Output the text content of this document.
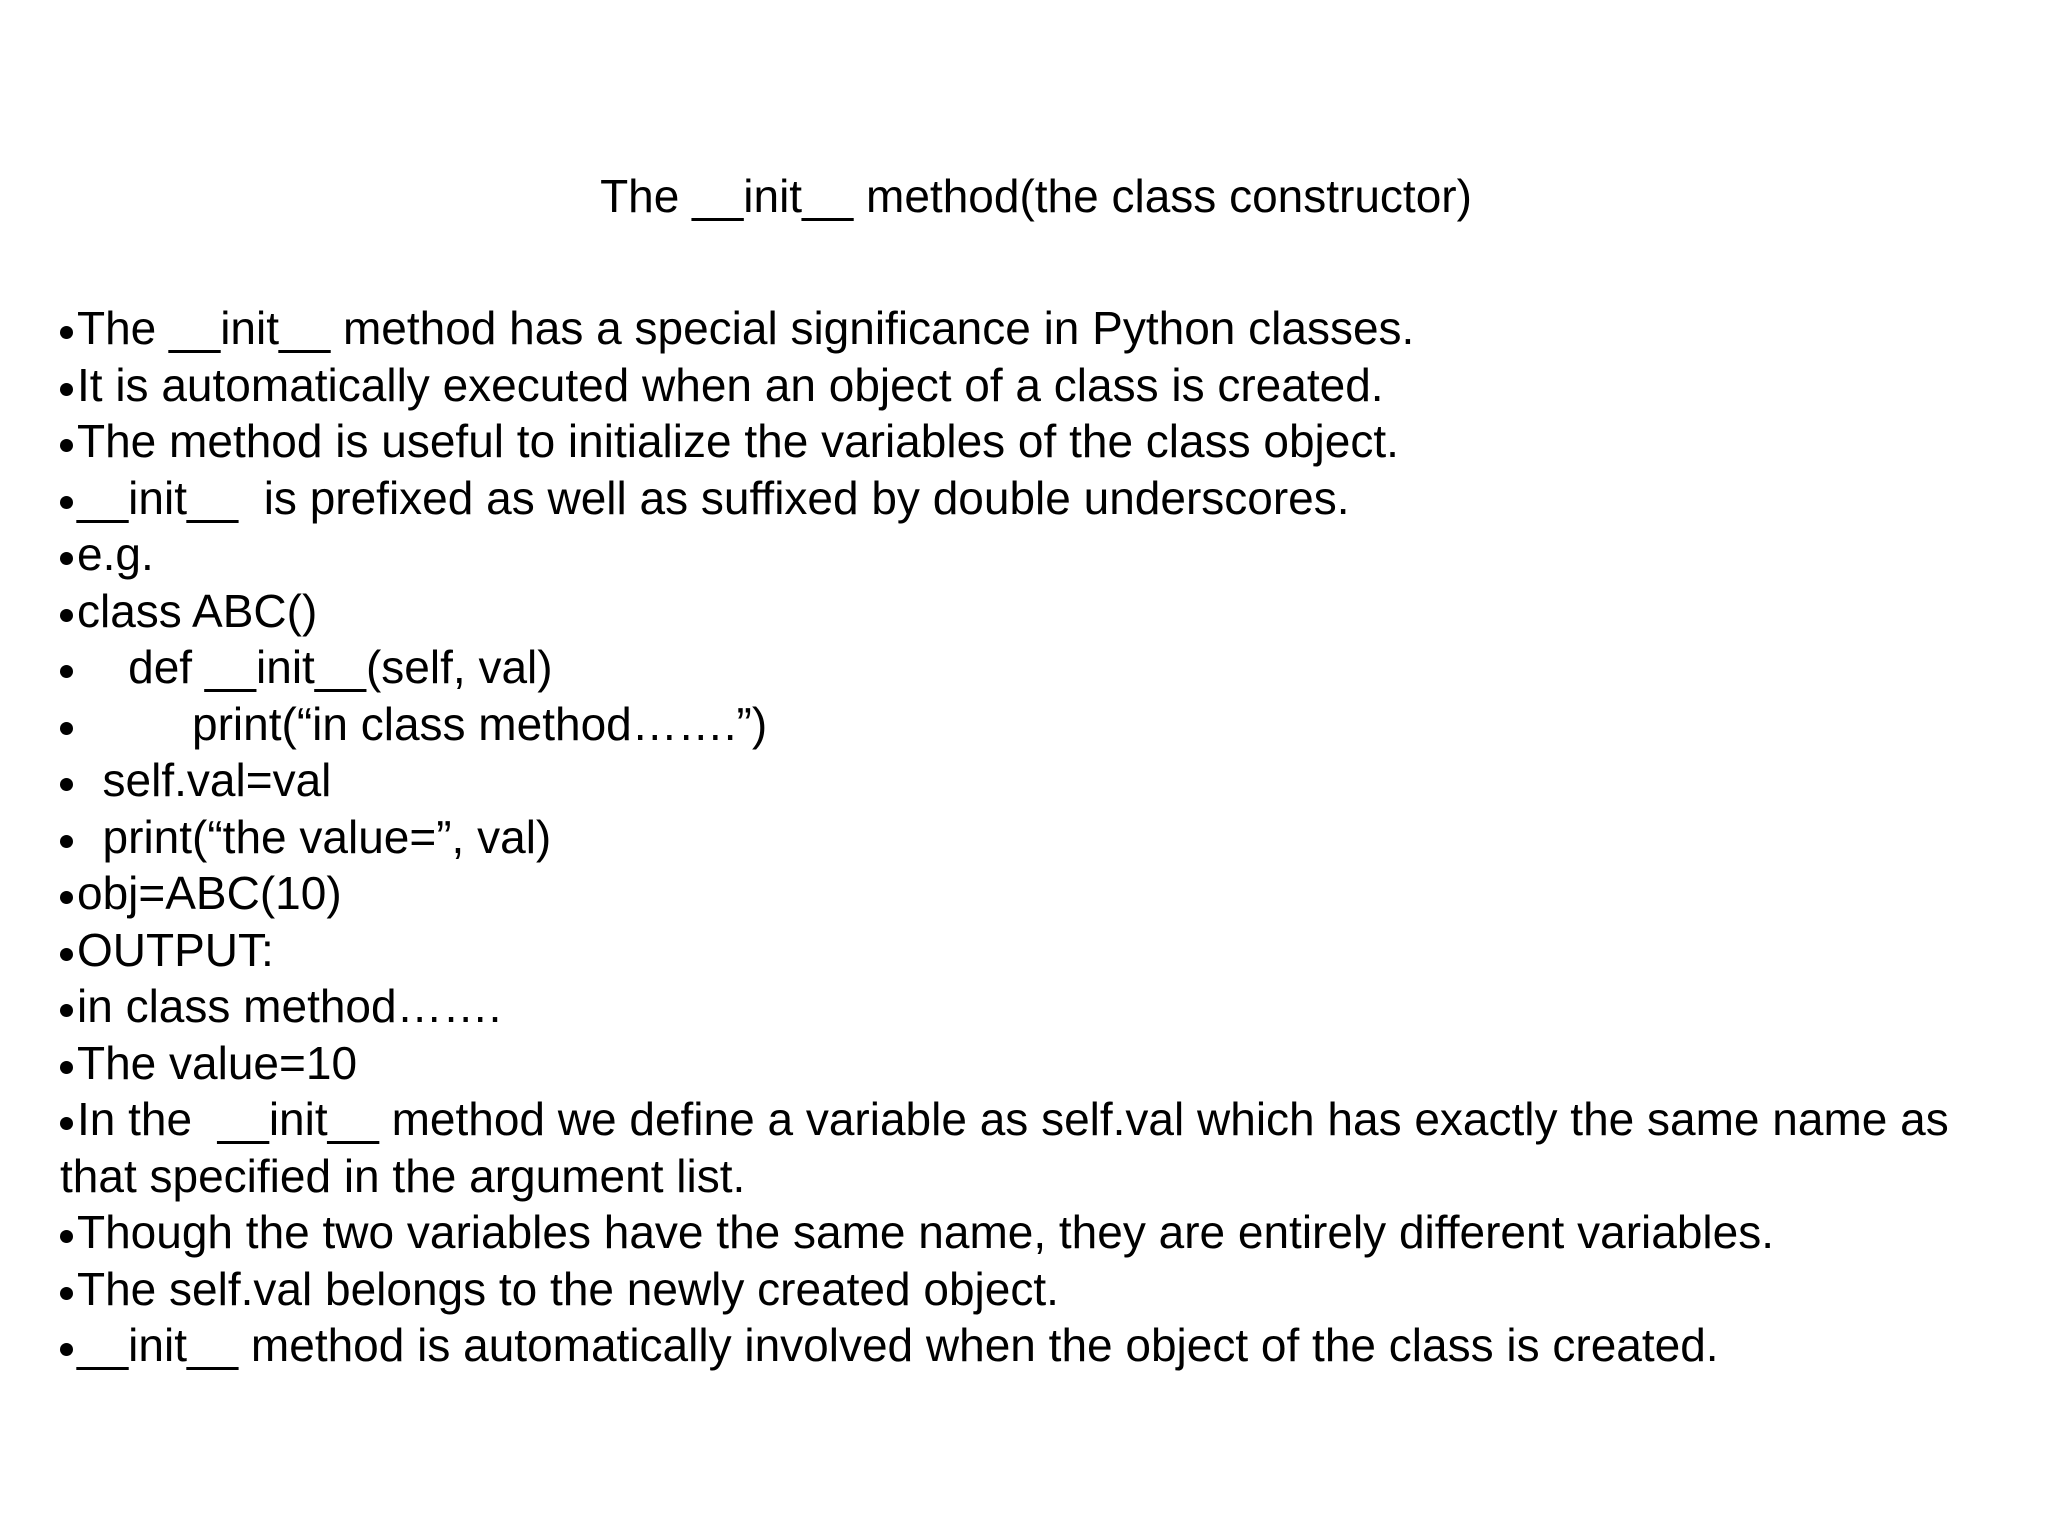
The __init__ method(the class constructor)
The __init__ method has a special significance in Python classes.
It is automatically executed when an object of a class is created.
The method is useful to initialize the variables of the class object.
__init__  is prefixed as well as suffixed by double underscores.
e.g.
class ABC()
def __init__(self, val)
print(“in class method…….”)
self.val=val
print(“the value=”, val)
obj=ABC(10)
OUTPUT:
in class method…….
The value=10
In the  __init__ method we define a variable as self.val which has exactly the same name as that specified in the argument list.
Though the two variables have the same name, they are entirely different variables.
The self.val belongs to the newly created object.
__init__ method is automatically involved when the object of the class is created.
